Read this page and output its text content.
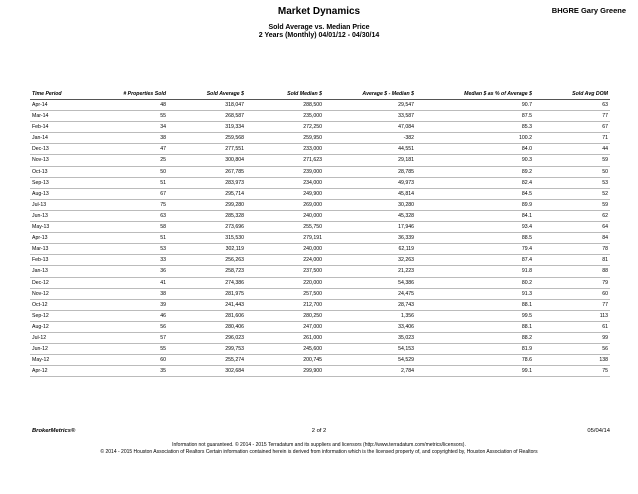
BHGRE Gary Greene
Market Dynamics
Sold Average vs. Median Price
2 Years (Monthly) 04/01/12 - 04/30/14
Time Period	# Properties Sold	Sold Average $	Sold Median $	Average $ - Median $	Median $ as % of Average $	Sold Avg DOM
Apr-14	48	318,047	288,500	29,547	90.7	63
Mar-14	55	268,587	235,000	33,587	87.5	77
Feb-14	34	319,334	272,250	47,084	85.3	67
Jan-14	38	259,568	259,950	-382	100.2	71
Dec-13	47	277,551	233,000	44,551	84.0	44
Nov-13	25	300,804	271,623	29,181	90.3	59
Oct-13	50	267,785	239,000	28,785	89.2	50
Sep-13	51	283,973	234,000	49,973	82.4	53
Aug-13	67	295,714	249,900	45,814	84.5	52
Jul-13	75	299,280	269,000	30,280	89.9	59
Jun-13	63	285,328	240,000	45,328	84.1	62
May-13	58	273,696	255,750	17,946	93.4	64
Apr-13	51	315,530	279,191	36,339	88.5	84
Mar-13	53	302,119	240,000	62,119	79.4	78
Feb-13	33	256,263	224,000	32,263	87.4	81
Jan-13	36	258,723	237,500	21,223	91.8	88
Dec-12	41	274,386	220,000	54,386	80.2	79
Nov-12	38	281,975	257,500	24,475	91.3	60
Oct-12	39	241,443	212,700	28,743	88.1	77
Sep-12	46	281,606	280,250	1,356	99.5	113
Aug-12	56	280,406	247,000	33,406	88.1	61
Jul-12	57	296,023	261,000	35,023	88.2	99
Jun-12	55	299,753	245,600	54,153	81.9	56
May-12	60	255,274	200,745	54,529	78.6	138
Apr-12	35	302,684	299,900	2,784	99.1	75
BrokerMetrics®	2 of 2	05/04/14
Information not guaranteed. © 2014 - 2015 Terradatum and its suppliers and licensors (http://www.terradatum.com/metrics/licensors).
© 2014 - 2015 Houston Association of Realtors Certain information contained herein is derived from information which is the licensed property of, and copyrighted by, Houston Association of Realtors
